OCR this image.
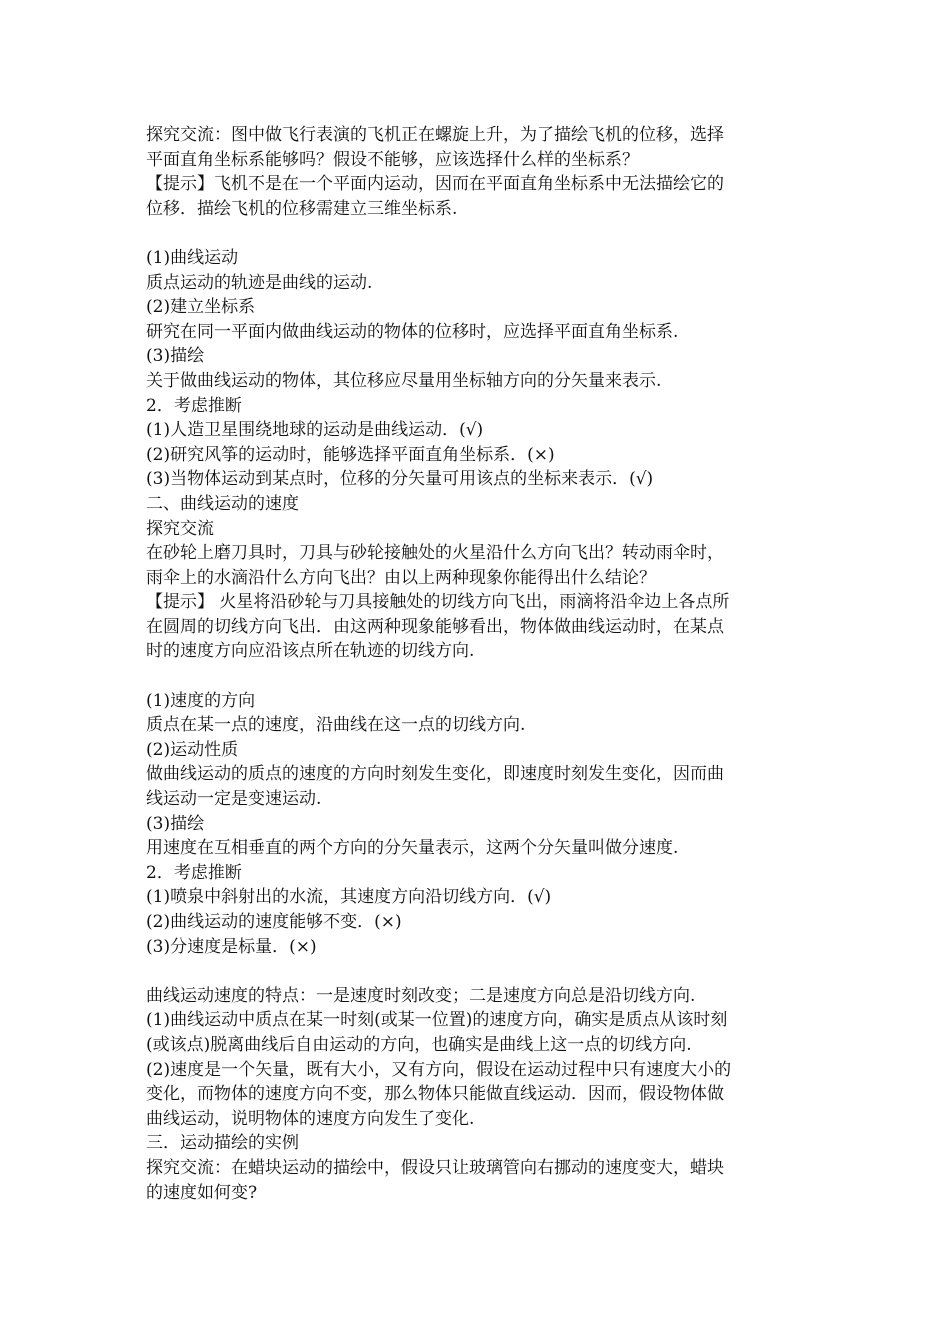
探究交流：图中做飞行表演的飞机正在螺旋上升，为了描绘飞机的位移，选择
平面直角坐标系能够吗？假设不能够，应该选择什么样的坐标系？
【提示】飞机不是在一个平面内运动，因而在平面直角坐标系中无法描绘它的
位移．描绘飞机的位移需建立三维坐标系.
(1)曲线运动
质点运动的轨迹是曲线的运动.
(2)建立坐标系
研究在同一平面内做曲线运动的物体的位移时，应选择平面直角坐标系.
(3)描绘
关于做曲线运动的物体，其位移应尽量用坐标轴方向的分矢量来表示.
2．考虑推断
(1)人造卫星围绕地球的运动是曲线运动．(√)
(2)研究风筝的运动时，能够选择平面直角坐标系．(×)
(3)当物体运动到某点时，位移的分矢量可用该点的坐标来表示．(√)
二、曲线运动的速度
探究交流
在砂轮上磨刀具时，刀具与砂轮接触处的火星沿什么方向飞出？转动雨伞时，
雨伞上的水滴沿什么方向飞出？由以上两种现象你能得出什么结论？
【提示】 火星将沿砂轮与刀具接触处的切线方向飞出，雨滴将沿伞边上各点所
在圆周的切线方向飞出．由这两种现象能够看出，物体做曲线运动时，在某点
时的速度方向应沿该点所在轨迹的切线方向.
(1)速度的方向
质点在某一点的速度，沿曲线在这一点的切线方向.
(2)运动性质
做曲线运动的质点的速度的方向时刻发生变化，即速度时刻发生变化，因而曲
线运动一定是变速运动.
(3)描绘
用速度在互相垂直的两个方向的分矢量表示，这两个分矢量叫做分速度.
2．考虑推断
(1)喷泉中斜射出的水流，其速度方向沿切线方向．(√)
(2)曲线运动的速度能够不变．(×)
(3)分速度是标量．(×)
曲线运动速度的特点：一是速度时刻改变；二是速度方向总是沿切线方向.
(1)曲线运动中质点在某一时刻(或某一位置)的速度方向，确实是质点从该时刻
(或该点)脱离曲线后自由运动的方向，也确实是曲线上这一点的切线方向.
(2)速度是一个矢量，既有大小，又有方向，假设在运动过程中只有速度大小的
变化，而物体的速度方向不变，那么物体只能做直线运动．因而，假设物体做
曲线运动，说明物体的速度方向发生了变化.
三．运动描绘的实例
探究交流：在蜡块运动的描绘中，假设只让玻璃管向右挪动的速度变大，蜡块
的速度如何变?
